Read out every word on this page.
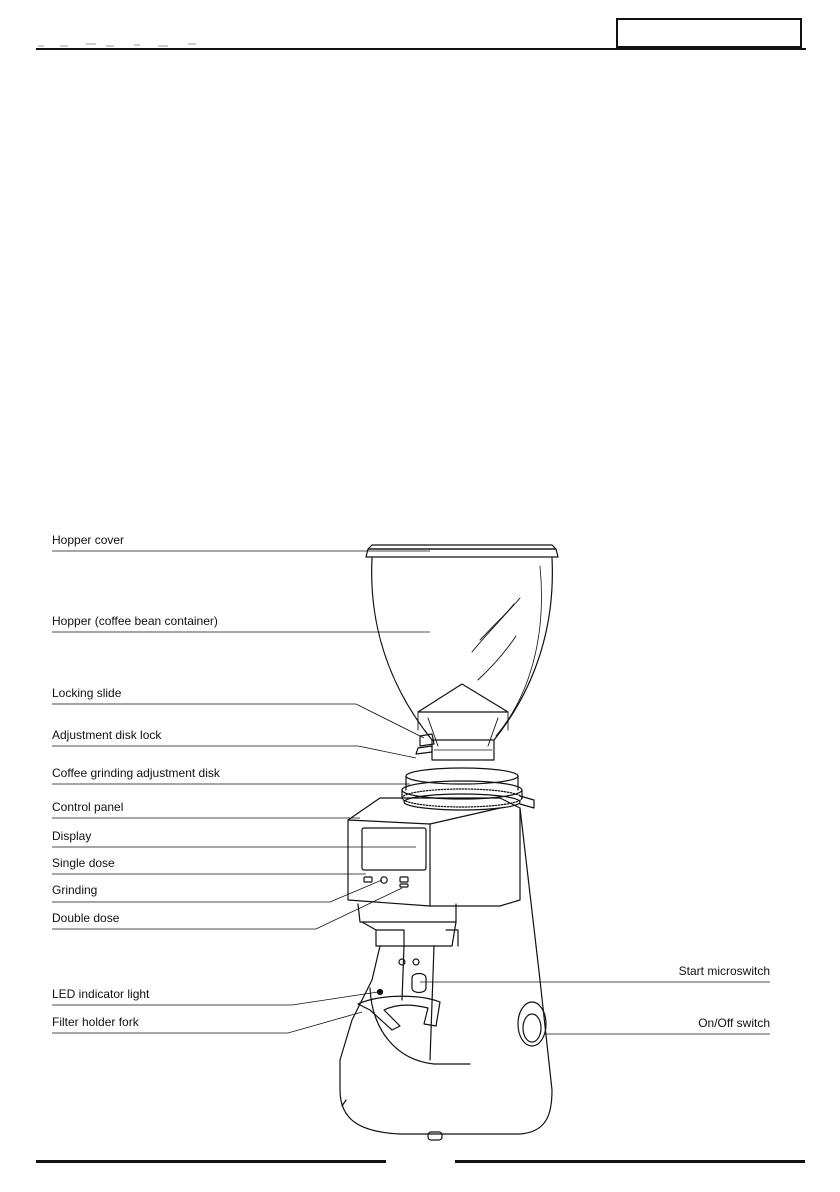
Hopper cover
Hopper (coffee bean container)
Locking slide
Adjustment disk lock
Coffee grinding adjustment disk
Control panel
Display
Single dose
Grinding
Double dose
LED indicator light
Filter holder fork
Start microswitch
On/Off switch
